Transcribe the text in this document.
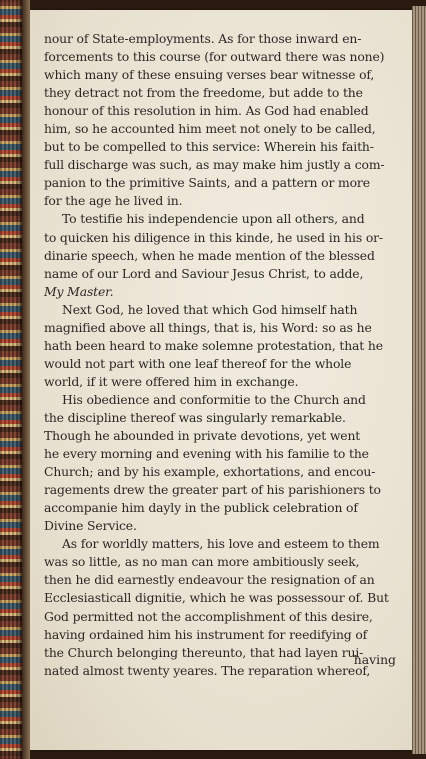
nour of State-employments. As for those inward en-
forcements to this course (for outward there was none)
which many of these ensuing verses bear witnesse of,
they detract not from the freedome, but adde to the
honour of this resolution in him. As God had enabled
him, so he accounted him meet not onely to be called,
but to be compelled to this service: Wherein his faith-
full discharge was such, as may make him justly a com-
panion to the primitive Saints, and a pattern or more
for the age he lived in.
To testifie his independencie upon all others, and
to quicken his diligence in this kinde, he used in his or-
dinarie speech, when he made mention of the blessed
name of our Lord and Saviour Jesus Christ, to adde,
My Master.
Next God, he loved that which God himself hath
magnified above all things, that is, his Word: so as he
hath been heard to make solemne protestation, that he
would not part with one leaf thereof for the whole
world, if it were offered him in exchange.
His obedience and conformitie to the Church and
the discipline thereof was singularly remarkable.
Though he abounded in private devotions, yet went
he every morning and evening with his familie to the
Church; and by his example, exhortations, and encou-
ragements drew the greater part of his parishioners to
accompanie him dayly in the publick celebration of
Divine Service.
As for worldly matters, his love and esteem to them
was so little, as no man can more ambitiously seek,
then he did earnestly endeavour the resignation of an
Ecclesiasticall dignitie, which he was possessour of. But
God permitted not the accomplishment of this desire,
having ordained him his instrument for reedifying of
the Church belonging thereunto, that had layen rui-
nated almost twenty yeares. The reparation whereof,
having
